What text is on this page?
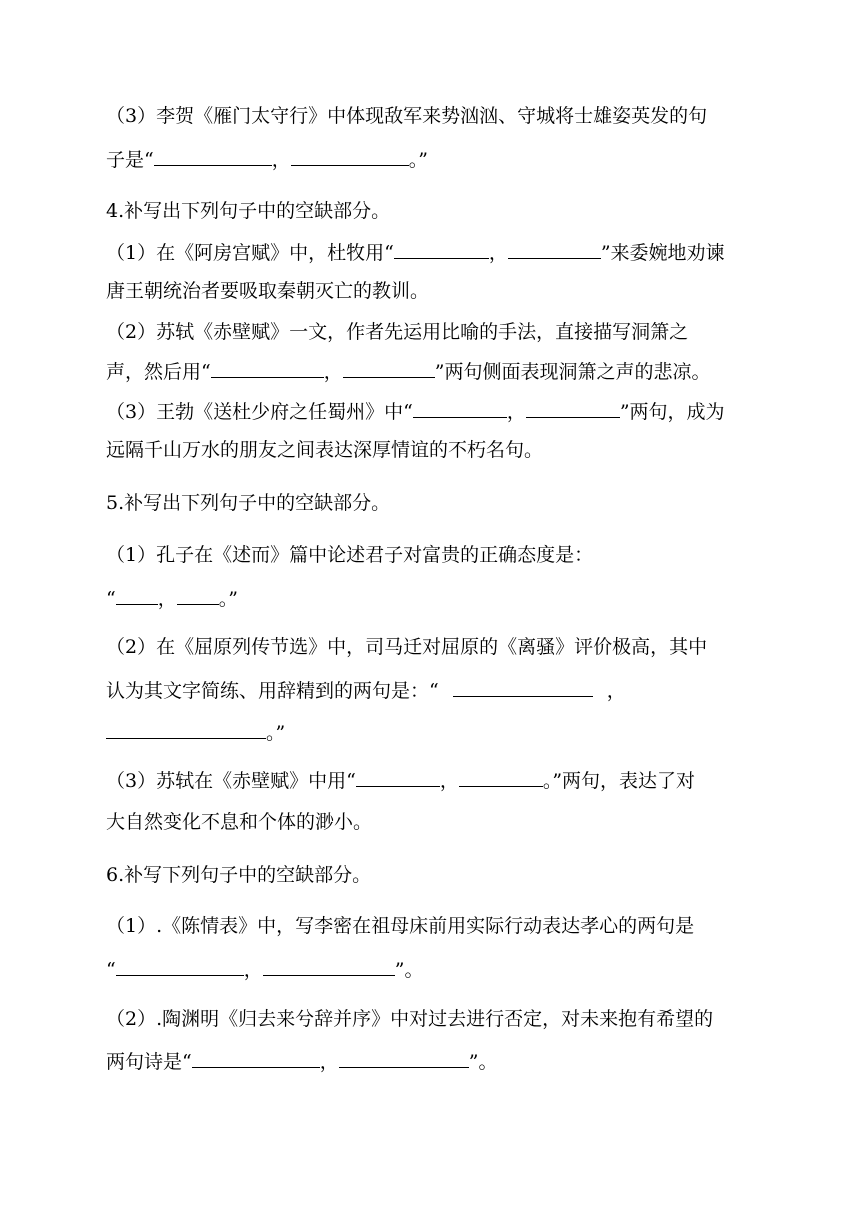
（3）李贺《雁门太守行》中体现敌军来势汹汹、守城将士雄姿英发的句
子是“	，	。”
4.补写出下列句子中的空缺部分。
（1）在《阿房宫赋》中，杜牧用“	，	”来委婉地劝谏
唐王朝统治者要吸取秦朝灭亡的教训。
（2）苏轼《赤壁赋》一文，作者先运用比喻的手法，直接描写洞箫之
声，然后用“	，	”两句侧面表现洞箫之声的悲凉。
（3）王勃《送杜少府之任蜀州》中“	，	”两句，成为
远隔千山万水的朋友之间表达深厚情谊的不朽名句。
5.补写出下列句子中的空缺部分。
（1）孔子在《述而》篇中论述君子对富贵的正确态度是：
“ ， 。”
（2）在《屈原列传节选》中，司马迁对屈原的《离骚》评价极高，其中
认为其文字简练、用辞精到的两句是：“	，
。”
（3）苏轼在《赤壁赋》中用“	，	。”两句，表达了对
大自然变化不息和个体的渺小。
6.补写下列句子中的空缺部分。
（1）.《陈情表》中，写李密在祖母床前用实际行动表达孝心的两句是
“	，	”。
（2）.陶渊明《归去来兮辞并序》中对过去进行否定，对未来抱有希望的
两句诗是“	，	”。
